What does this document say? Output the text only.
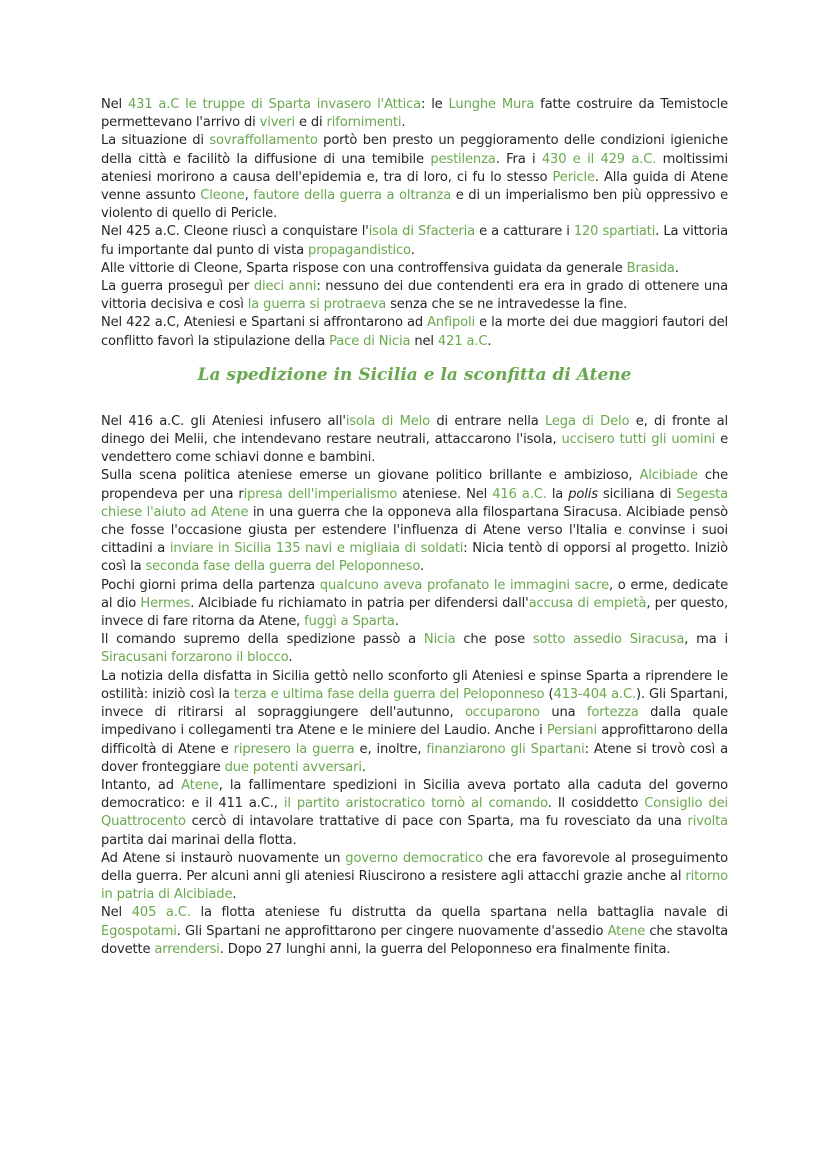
Nel 431 a.C le truppe di Sparta invasero l'Attica: le Lunghe Mura fatte costruire da Temistocle permettevano l'arrivo di viveri e di rifornimenti.

La situazione di sovraffollamento portò ben presto un peggioramento delle condizioni igieniche della città e facilitò la diffusione di una temibile pestilenza. Fra i 430 e il 429 a.C. moltissimi ateniesi morirono a causa dell'epidemia e, tra di loro, ci fu lo stesso Pericle. Alla guida di Atene venne assunto Cleone, fautore della guerra a oltranza e di un imperialismo ben più oppressivo e violento di quello di Pericle.

Nel 425 a.C. Cleone riuscì a conquistare l'isola di Sfacteria e a catturare i 120 spartiati. La vittoria fu importante dal punto di vista propagandistico.

Alle vittorie di Cleone, Sparta rispose con una controffensiva guidata da generale Brasida.

La guerra proseguì per dieci anni: nessuno dei due contendenti era era in grado di ottenere una vittoria decisiva e così la guerra si protraeva senza che se ne intravedesse la fine.

Nel 422 a.C, Ateniesi e Spartani si affrontarono ad Anfipoli e la morte dei due maggiori fautori del conflitto favorì la stipulazione della Pace di Nicia nel 421 a.C.

La spedizione in Sicilia e la sconfitta di Atene

Nel 416 a.C. gli Ateniesi infusero all'isola di Melo di entrare nella Lega di Delo e, di fronte al dinego dei Melii, che intendevano restare neutrali, attaccarono l'isola, uccisero tutti gli uomini e vendettero come schiavi donne e bambini.

Sulla scena politica ateniese emerse un giovane politico brillante e ambizioso, Alcibiade che propendeva per una ripresa dell'imperialismo ateniese. Nel 416 a.C. la polis siciliana di Segesta chiese l'aiuto ad Atene in una guerra che la opponeva alla filospartana Siracusa. Alcibiade pensò che fosse l'occasione giusta per estendere l'influenza di Atene verso l'Italia e convinse i suoi cittadini a inviare in Sicilia 135 navi e migliaia di soldati: Nicia tentò di opporsi al progetto. Iniziò così la seconda fase della guerra del Peloponneso.

Pochi giorni prima della partenza qualcuno aveva profanato le immagini sacre, o erme, dedicate al dio Hermes. Alcibiade fu richiamato in patria per difendersi dall'accusa di empietà, per questo, invece di fare ritorna da Atene, fuggì a Sparta.

Il comando supremo della spedizione passò a Nicia che pose sotto assedio Siracusa, ma i Siracusani forzarono il blocco.

La notizia della disfatta in Sicilia gettò nello sconforto gli Ateniesi e spinse Sparta a riprendere le ostilità: iniziò così la terza e ultima fase della guerra del Peloponneso (413-404 a.C.). Gli Spartani, invece di ritirarsi al sopraggiungere dell'autunno, occuparono una fortezza dalla quale impedivano i collegamenti tra Atene e le miniere del Laudio. Anche i Persiani approfittarono della difficoltà di Atene e ripresero la guerra e, inoltre, finanziarono gli Spartani: Atene si trovò così a dover fronteggiare due potenti avversari.

Intanto, ad Atene, la fallimentare spedizioni in Sicilia aveva portato alla caduta del governo democratico: e il 411 a.C., il partito aristocratico tornò al comando. Il cosiddetto Consiglio dei Quattrocento cercò di intavolare trattative di pace con Sparta, ma fu rovesciato da una rivolta partita dai marinai della flotta.

Ad Atene si instaurò nuovamente un governo democratico che era favorevole al proseguimento della guerra. Per alcuni anni gli ateniesi Riuscirono a resistere agli attacchi grazie anche al ritorno in patria di Alcibiade.

Nel 405 a.C. la flotta ateniese fu distrutta da quella spartana nella battaglia navale di Egospotami. Gli Spartani ne approfittarono per cingere nuovamente d'assedio Atene che stavolta dovette arrendersi. Dopo 27 lunghi anni, la guerra del Peloponneso era finalmente finita.
